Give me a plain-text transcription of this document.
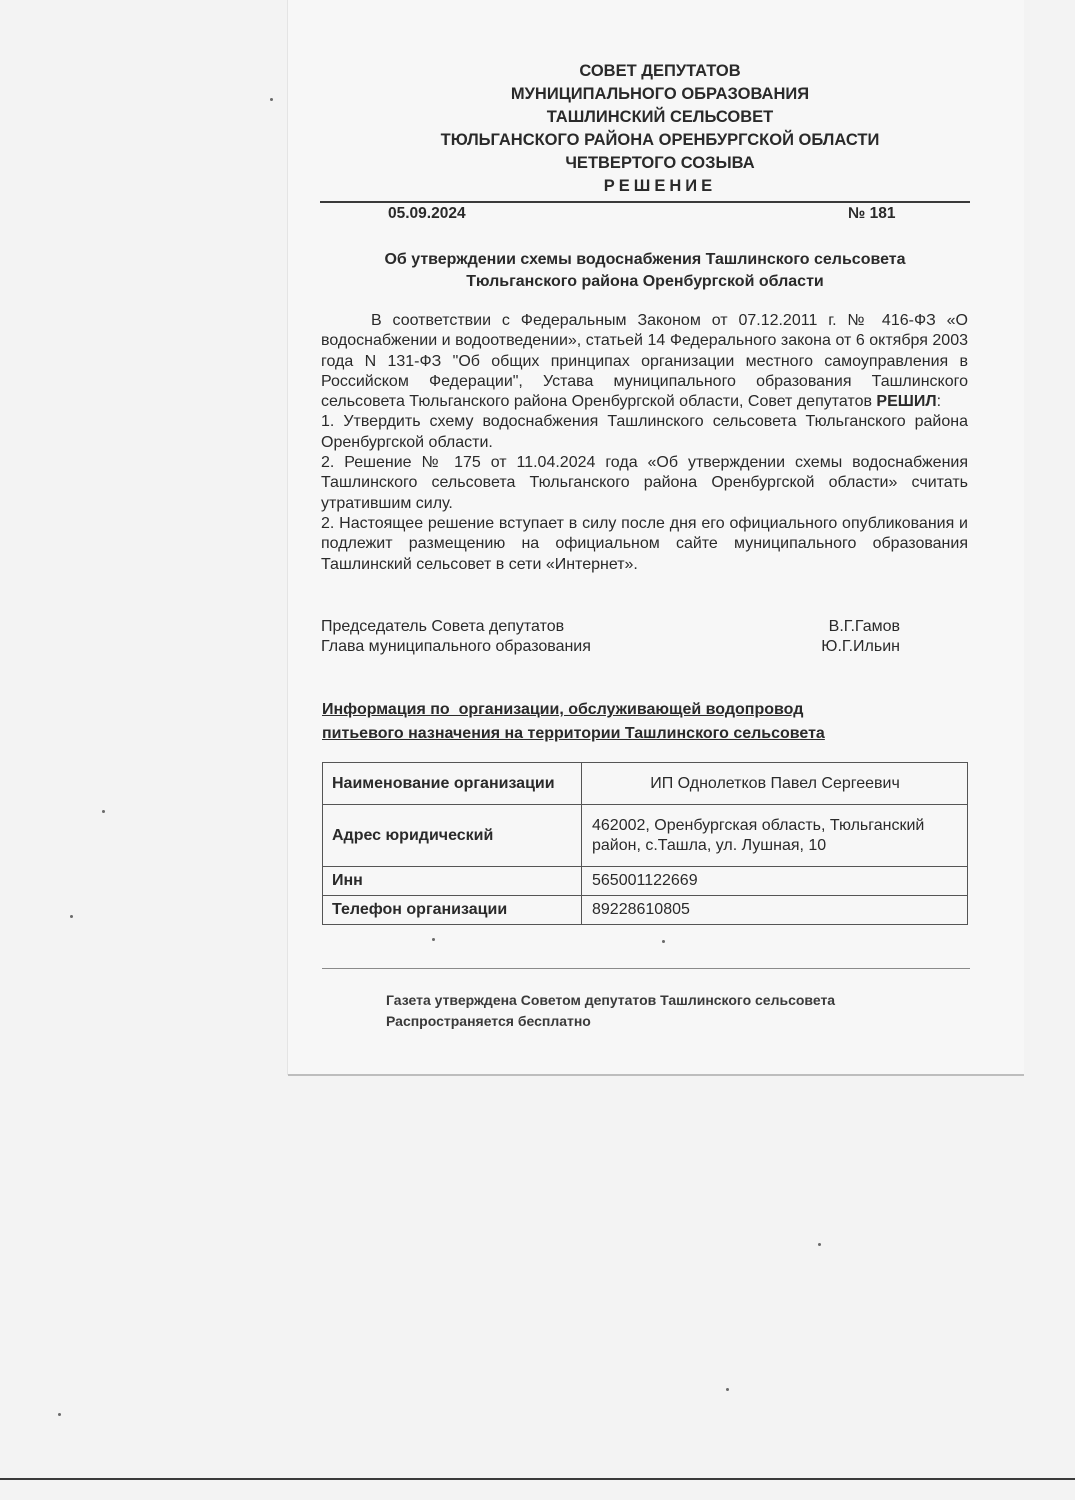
СОВЕТ ДЕПУТАТОВ
МУНИЦИПАЛЬНОГО ОБРАЗОВАНИЯ
ТАШЛИНСКИЙ СЕЛЬСОВЕТ
ТЮЛЬГАНСКОГО РАЙОНА ОРЕНБУРГСКОЙ ОБЛАСТИ
ЧЕТВЕРТОГО СОЗЫВА
РЕШЕНИЕ
05.09.2024	№ 181
Об утверждении схемы водоснабжения Ташлинского сельсовета
Тюльганского района Оренбургской области

В соответствии с Федеральным Законом от 07.12.2011 г. № 416-ФЗ «О водоснабжении и водоотведении», статьей 14 Федерального закона от 6 октября 2003 года N 131-ФЗ "Об общих принципах организации местного самоуправления в Российском Федерации", Устава муниципального образования Ташлинского сельсовета Тюльганского района Оренбургской области, Совет депутатов РЕШИЛ:

1. Утвердить схему водоснабжения Ташлинского сельсовета Тюльганского района Оренбургской области.

2. Решение № 175 от 11.04.2024 года «Об утверждении схемы водоснабжения Ташлинского сельсовета Тюльганского района Оренбургской области» считать утратившим силу.

2. Настоящее решение вступает в силу после дня его официального опубликования и подлежит размещению на официальном сайте муниципального образования Ташлинский сельсовет в сети «Интернет».

Председатель Совета депутатов	В.Г.Гамов
Глава муниципального образования	Ю.Г.Ильин
Информация по  организации, обслуживающей водопровод
питьевого назначения на территории Ташлинского сельсовета
Наименование организации	ИП Однолетков Павел Сергеевич
Адрес юридический	462002, Оренбургская область, Тюльганский район, с.Ташла, ул. Лушная, 10
Инн	565001122669
Телефон организации	89228610805
Газета утверждена Советом депутатов Ташлинского сельсовета
Распространяется бесплатно
